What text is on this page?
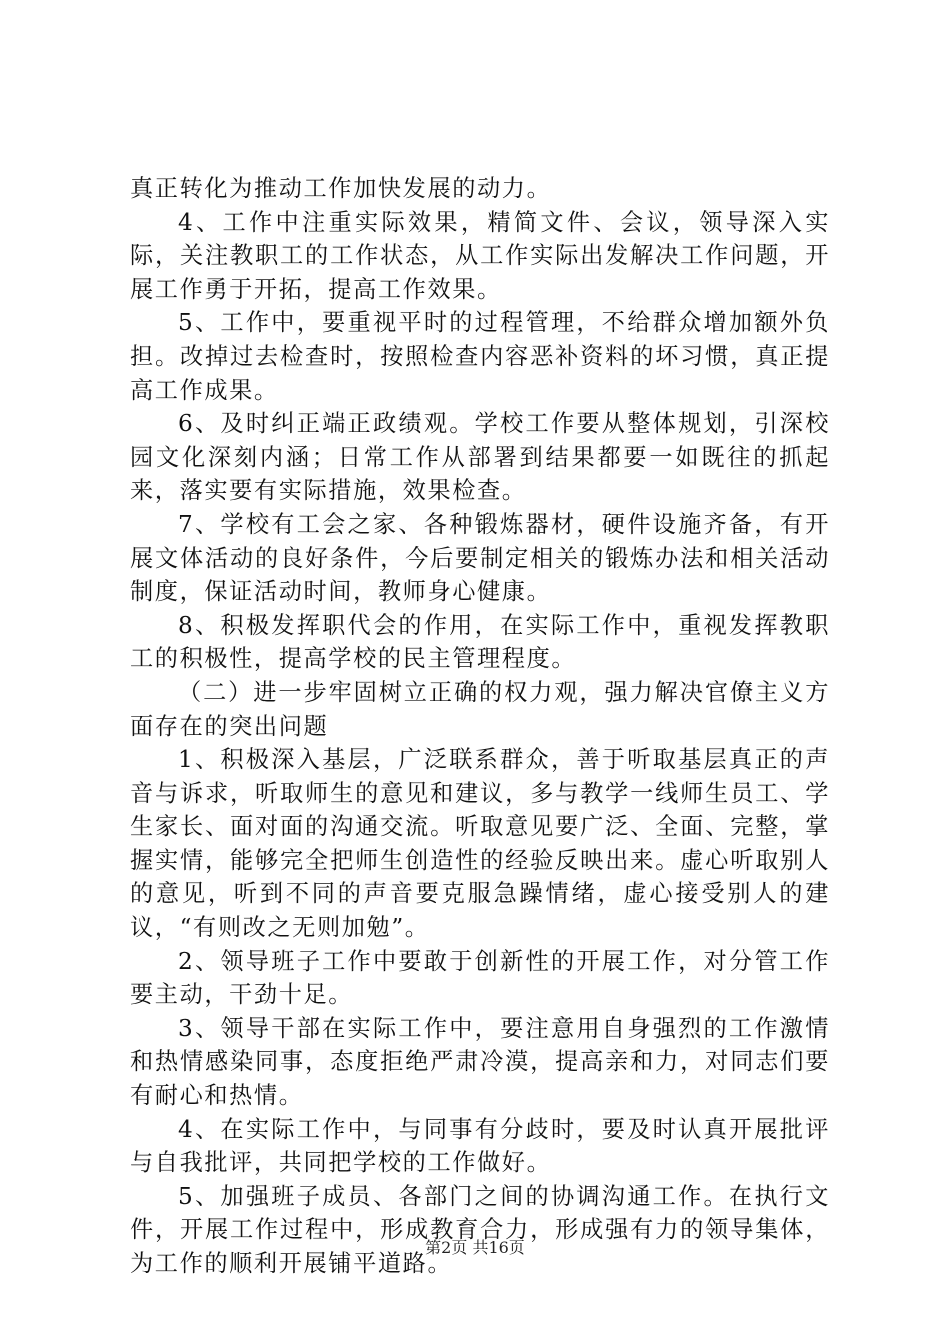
真正转化为推动工作加快发展的动力。

4、工作中注重实际效果，精简文件、会议，领导深入实际，关注教职工的工作状态，从工作实际出发解决工作问题，开展工作勇于开拓，提高工作效果。

5、工作中，要重视平时的过程管理，不给群众增加额外负担。改掉过去检查时，按照检查内容恶补资料的坏习惯，真正提高工作成果。

6、及时纠正端正政绩观。学校工作要从整体规划，引深校园文化深刻内涵；日常工作从部署到结果都要一如既往的抓起来，落实要有实际措施，效果检查。

7、学校有工会之家、各种锻炼器材，硬件设施齐备，有开展文体活动的良好条件，今后要制定相关的锻炼办法和相关活动制度，保证活动时间，教师身心健康。

8、积极发挥职代会的作用，在实际工作中，重视发挥教职工的积极性，提高学校的民主管理程度。

（二）进一步牢固树立正确的权力观，强力解决官僚主义方面存在的突出问题

1、积极深入基层，广泛联系群众，善于听取基层真正的声音与诉求，听取师生的意见和建议，多与教学一线师生员工、学生家长、面对面的沟通交流。听取意见要广泛、全面、完整，掌握实情，能够完全把师生创造性的经验反映出来。虚心听取别人的意见，听到不同的声音要克服急躁情绪，虚心接受别人的建议，“有则改之无则加勉”。

2、领导班子工作中要敢于创新性的开展工作，对分管工作要主动，干劲十足。

3、领导干部在实际工作中，要注意用自身强烈的工作激情和热情感染同事，态度拒绝严肃冷漠，提高亲和力，对同志们要有耐心和热情。

4、在实际工作中，与同事有分歧时，要及时认真开展批评与自我批评，共同把学校的工作做好。

5、加强班子成员、各部门之间的协调沟通工作。在执行文件，开展工作过程中，形成教育合力，形成强有力的领导集体，为工作的顺利开展铺平道路。

第2页 共16页
